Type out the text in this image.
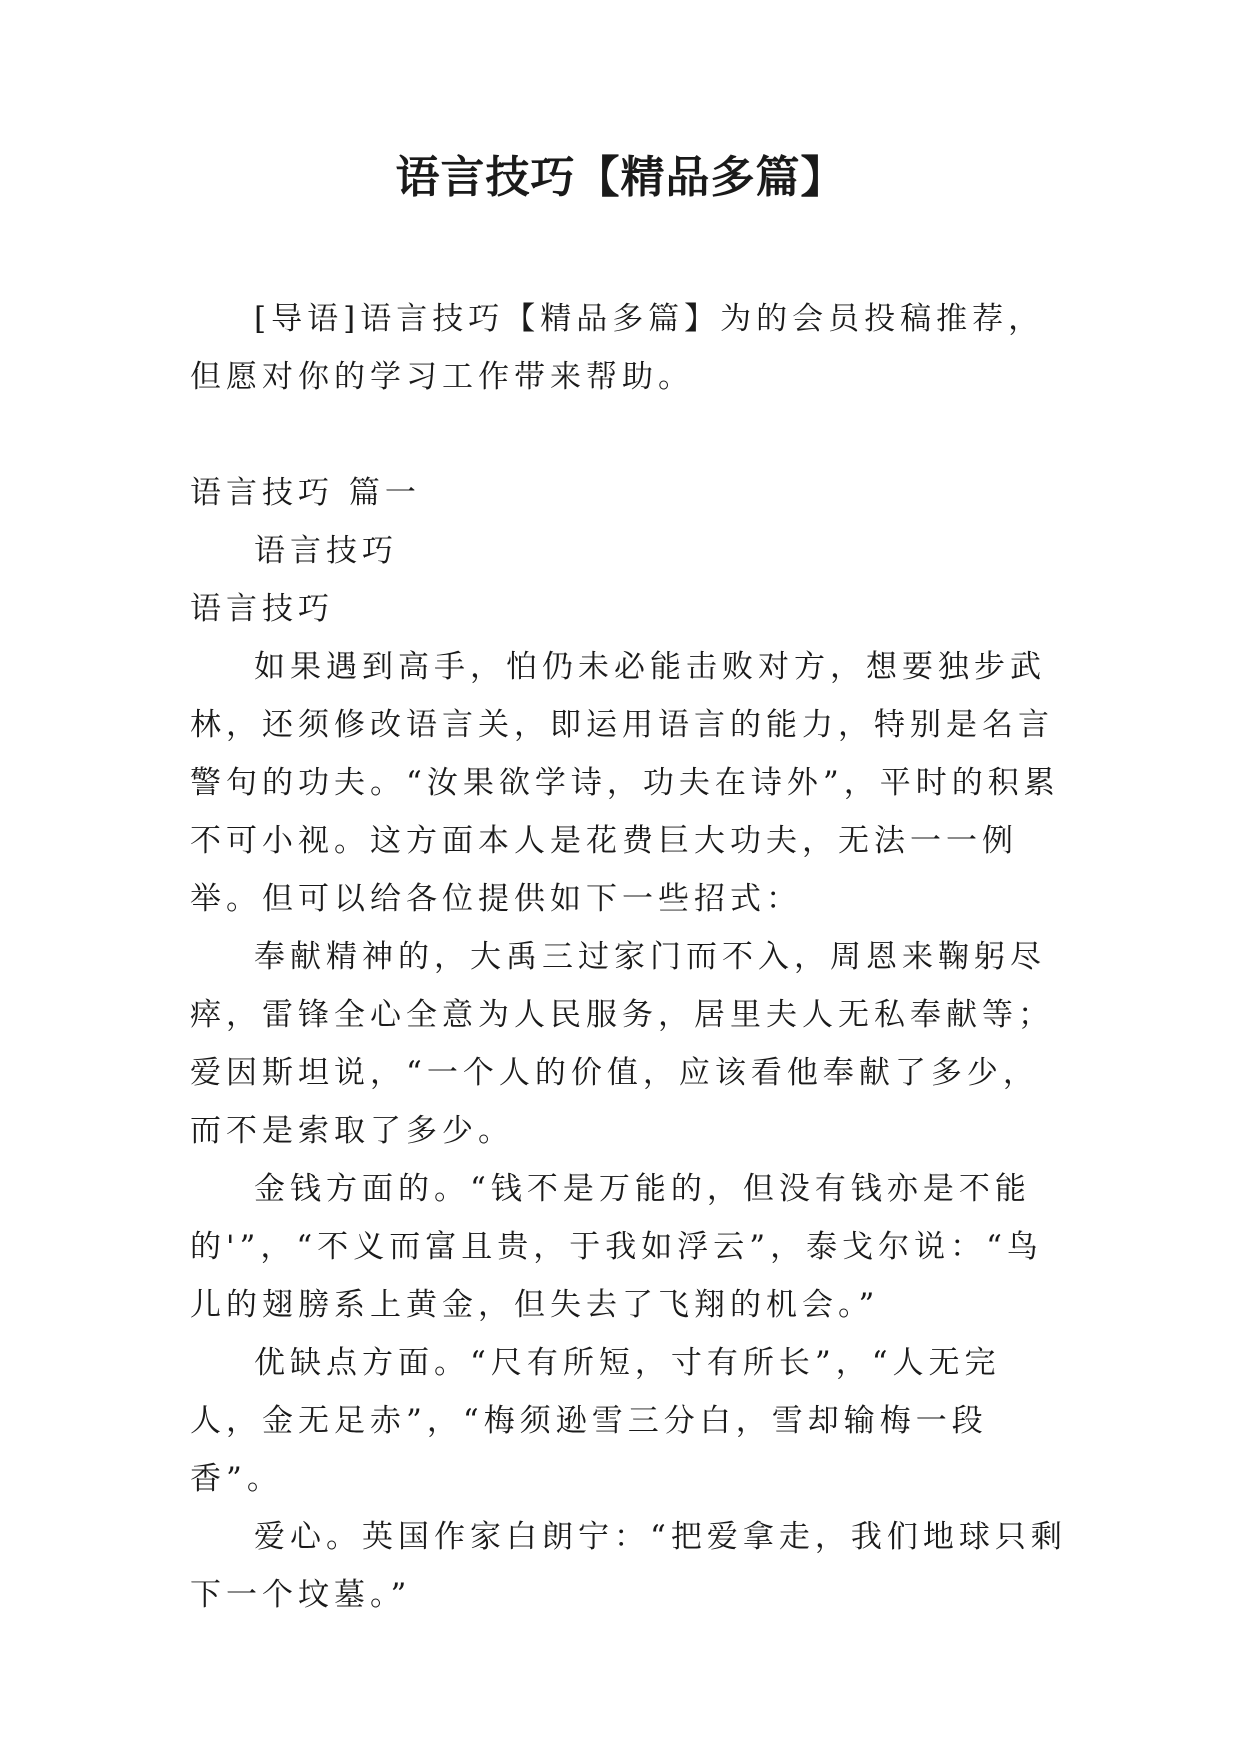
语言技巧【精品多篇】

[导语]语言技巧【精品多篇】为的会员投稿推荐，但愿对你的学习工作带来帮助。

语言技巧 篇一

语言技巧

语言技巧

如果遇到高手，怕仍未必能击败对方，想要独步武林，还须修改语言关，即运用语言的能力，特别是名言警句的功夫。“汝果欲学诗，功夫在诗外”，平时的积累不可小视。这方面本人是花费巨大功夫，无法一一例举。但可以给各位提供如下一些招式：

奉献精神的，大禹三过家门而不入，周恩来鞠躬尽瘁，雷锋全心全意为人民服务，居里夫人无私奉献等；爱因斯坦说，“一个人的价值，应该看他奉献了多少，而不是索取了多少。

金钱方面的。“钱不是万能的，但没有钱亦是不能的'”，“不义而富且贵，于我如浮云”，泰戈尔说：“鸟儿的翅膀系上黄金，但失去了飞翔的机会。”

优缺点方面。“尺有所短，寸有所长”，“人无完人，金无足赤”，“梅须逊雪三分白，雪却输梅一段香”。

爱心。英国作家白朗宁：“把爱拿走，我们地球只剩下一个坟墓。”
